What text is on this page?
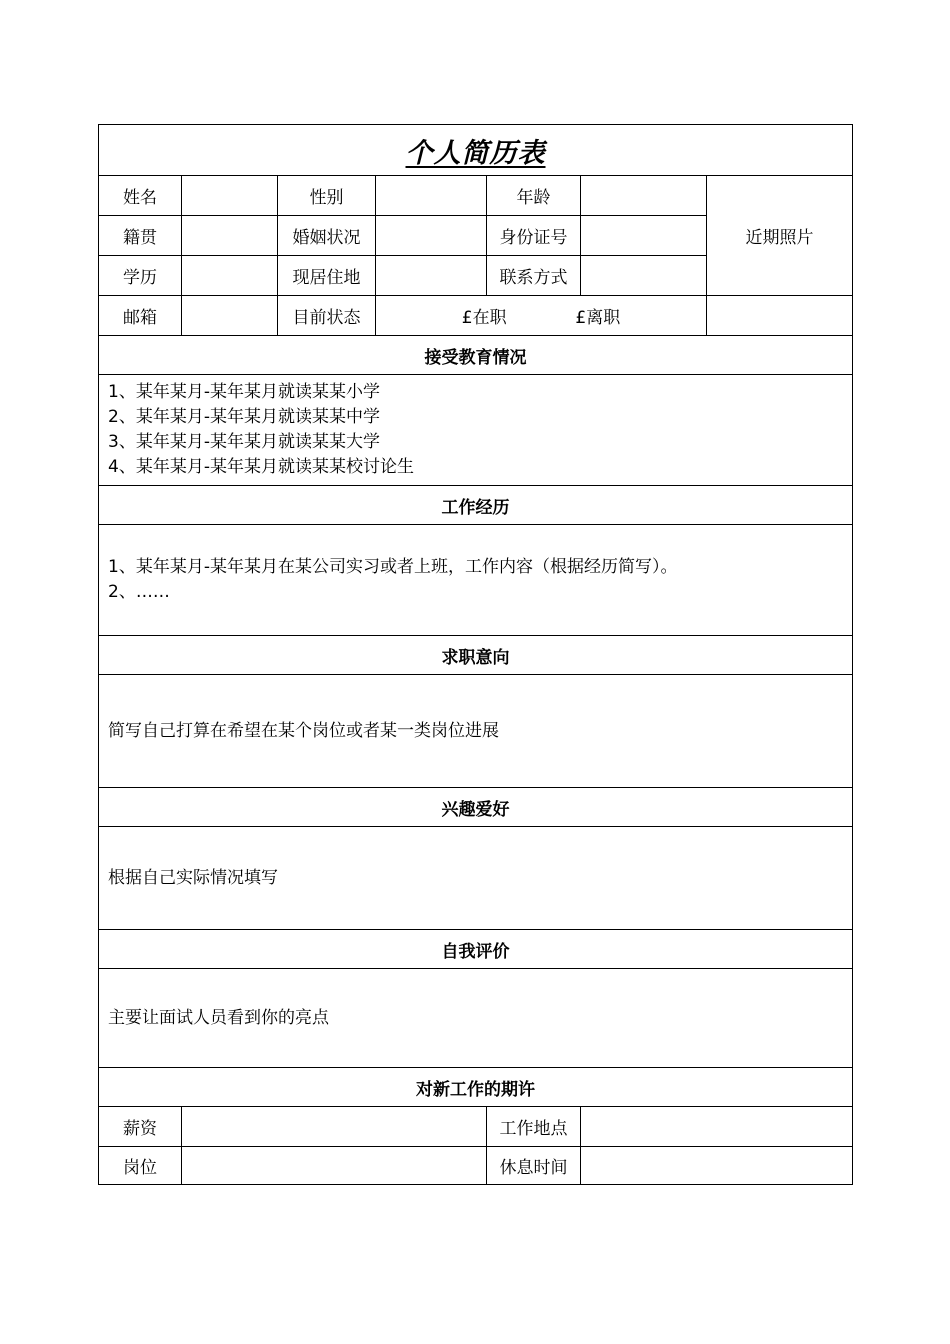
个人简历表						
姓名		性别		年龄		近期照片
籍贯		婚姻状况		身份证号		
学历		现居住地		联系方式		
邮箱		目前状态	£在职 £离职			
接受教育情况						

1、某年某月-某年某月就读某某小学
2、某年某月-某年某月就读某某中学
3、某年某月-某年某月就读某某大学
4、某年某月-某年某月就读某某校讨论生						

工作经历						

1、某年某月-某年某月在某公司实习或者上班，工作内容（根据经历简写）。
2、……						

求职意向						

简写自己打算在希望在某个岗位或者某一类岗位进展						

兴趣爱好						

根据自己实际情况填写						

自我评价						

主要让面试人员看到你的亮点						

对新工作的期许						
薪资				工作地点		
岗位				休息时间		
